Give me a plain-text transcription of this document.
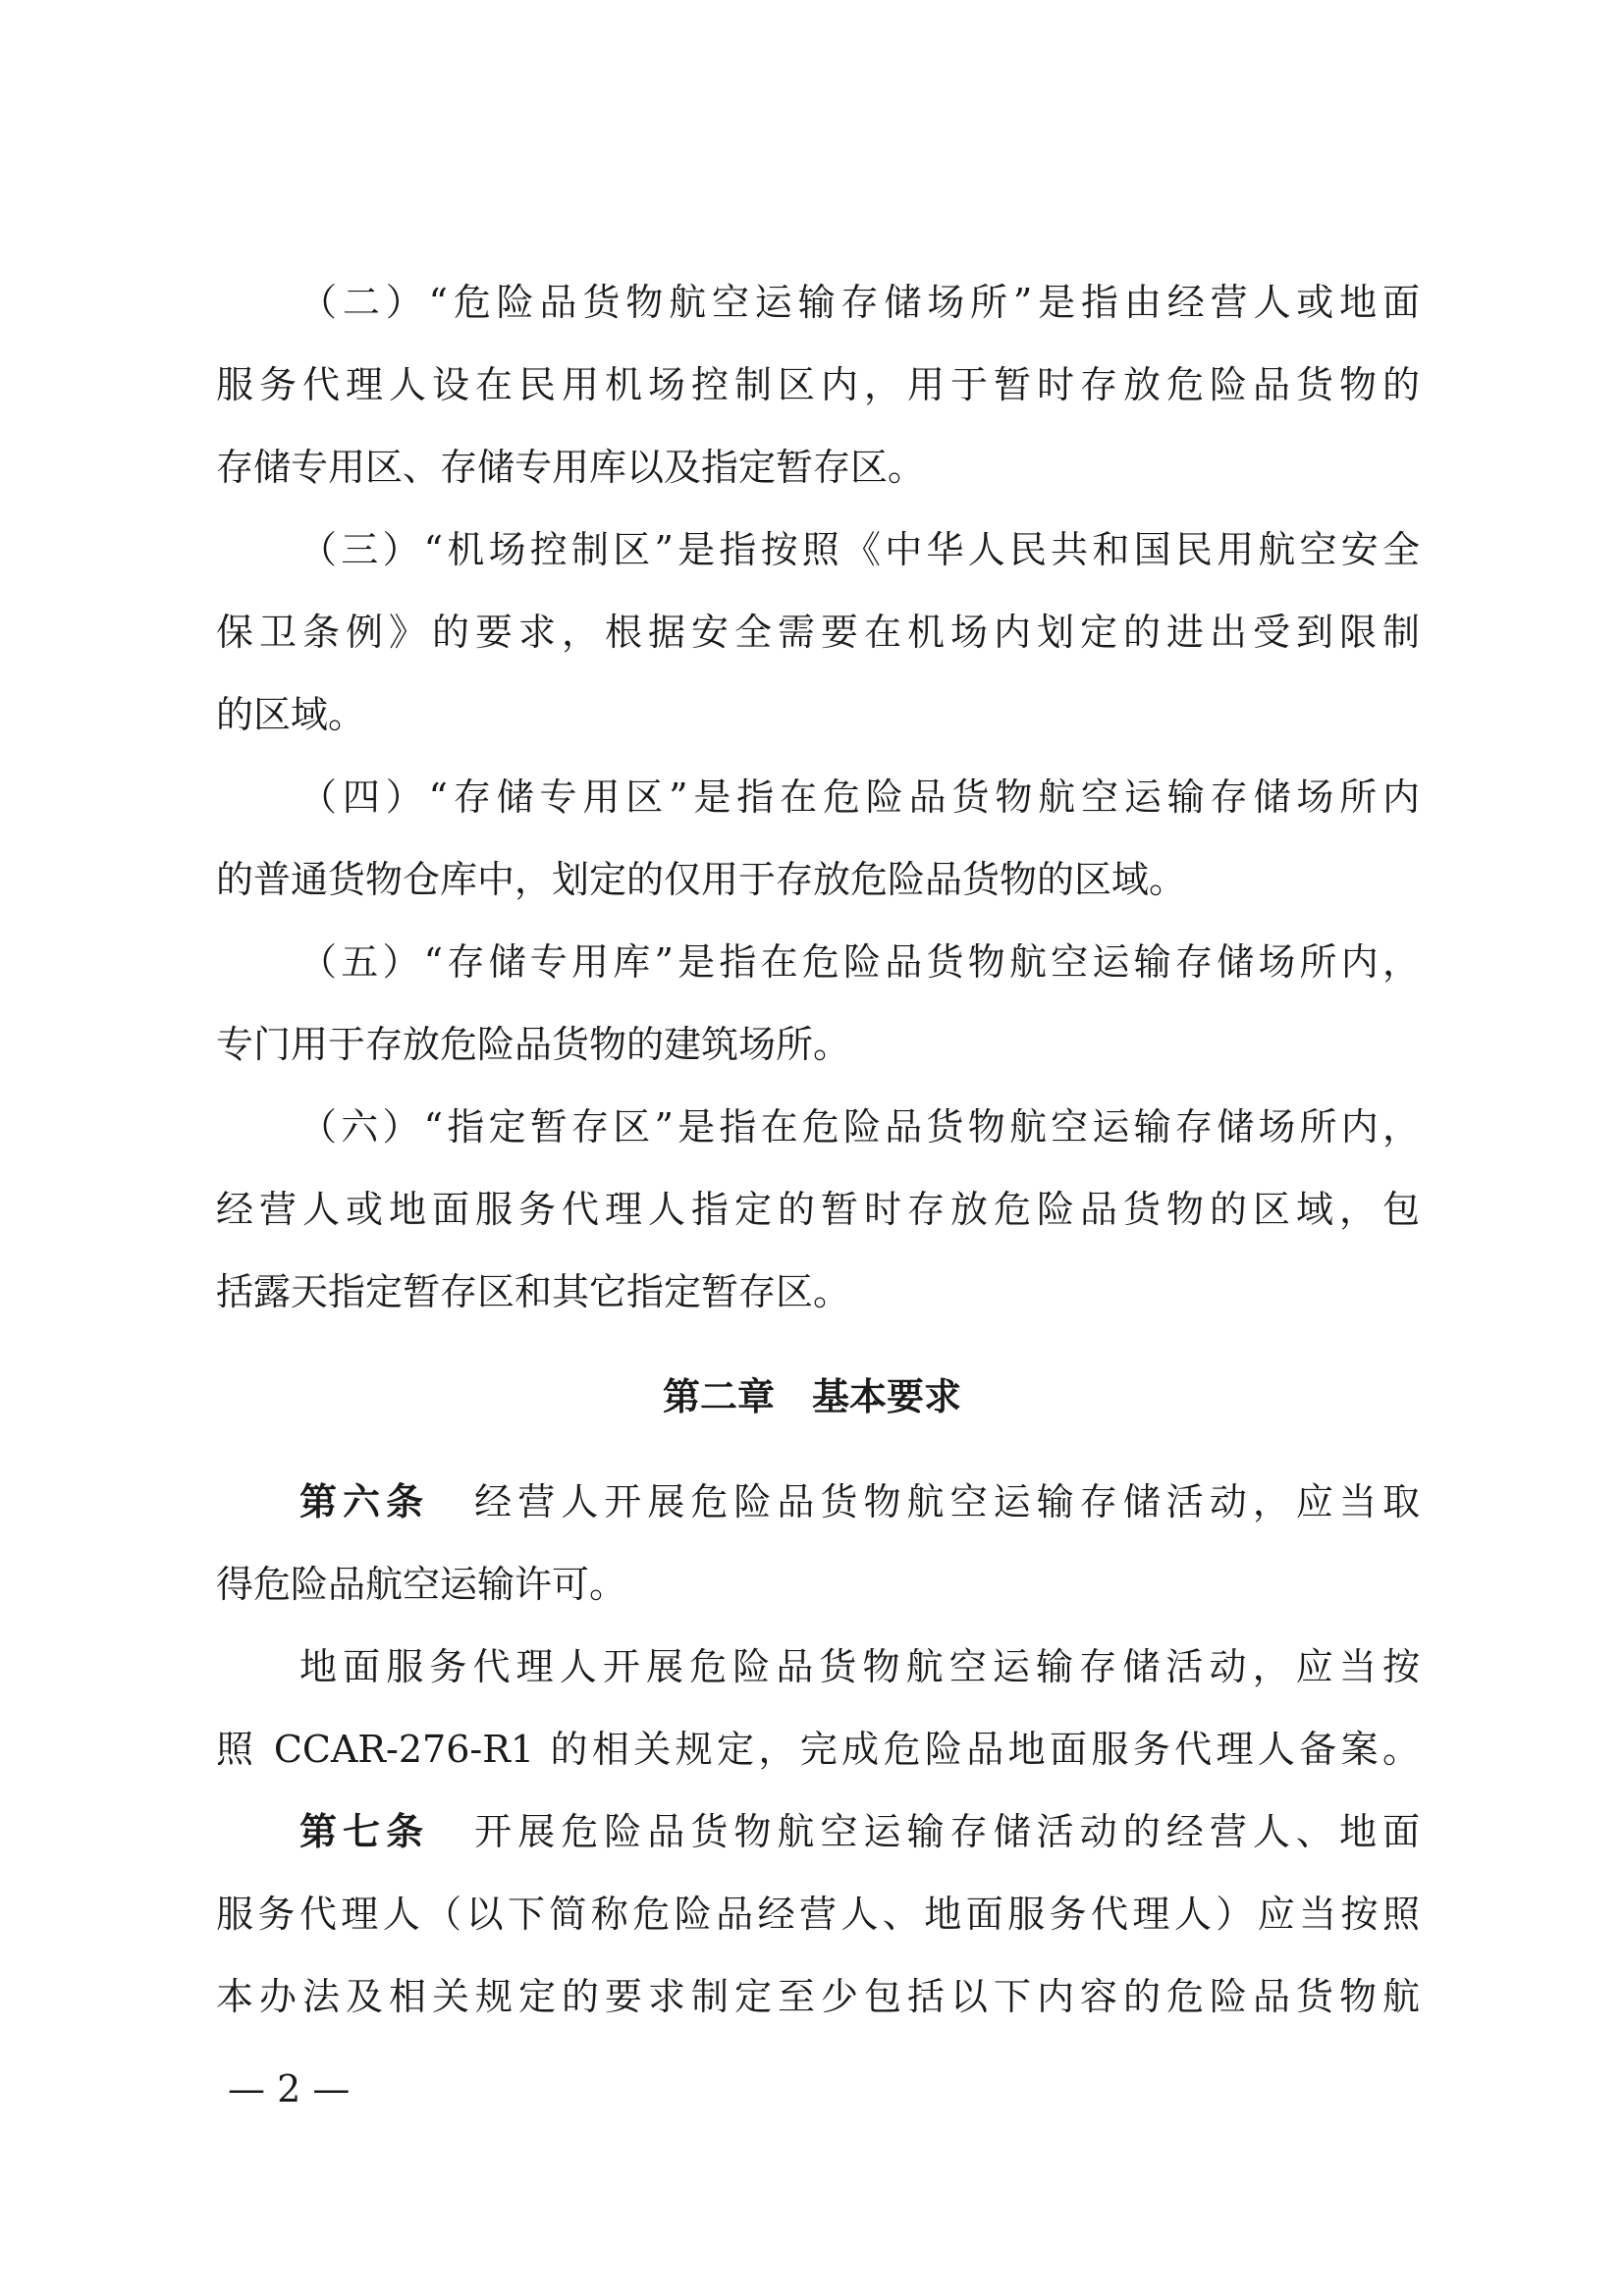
（二）“危险品货物航空运输存储场所”是指由经营人或地面
服务代理人设在民用机场控制区内，用于暂时存放危险品货物的
存储专用区、存储专用库以及指定暂存区。
（三）“机场控制区”是指按照《中华人民共和国民用航空安全
保卫条例》的要求，根据安全需要在机场内划定的进出受到限制
的区域。
（四）“存储专用区”是指在危险品货物航空运输存储场所内
的普通货物仓库中，划定的仅用于存放危险品货物的区域。
（五）“存储专用库”是指在危险品货物航空运输存储场所内，
专门用于存放危险品货物的建筑场所。
（六）“指定暂存区”是指在危险品货物航空运输存储场所内，
经营人或地面服务代理人指定的暂时存放危险品货物的区域，包
括露天指定暂存区和其它指定暂存区。
第二章　基本要求
第六条 经营人开展危险品货物航空运输存储活动，应当取
得危险品航空运输许可。
地面服务代理人开展危险品货物航空运输存储活动，应当按
照 CCAR-276-R1 的相关规定，完成危险品地面服务代理人备案。
第七条 开展危险品货物航空运输存储活动的经营人、地面
服务代理人（以下简称危险品经营人、地面服务代理人）应当按照
本办法及相关规定的要求制定至少包括以下内容的危险品货物航
— 2 —
